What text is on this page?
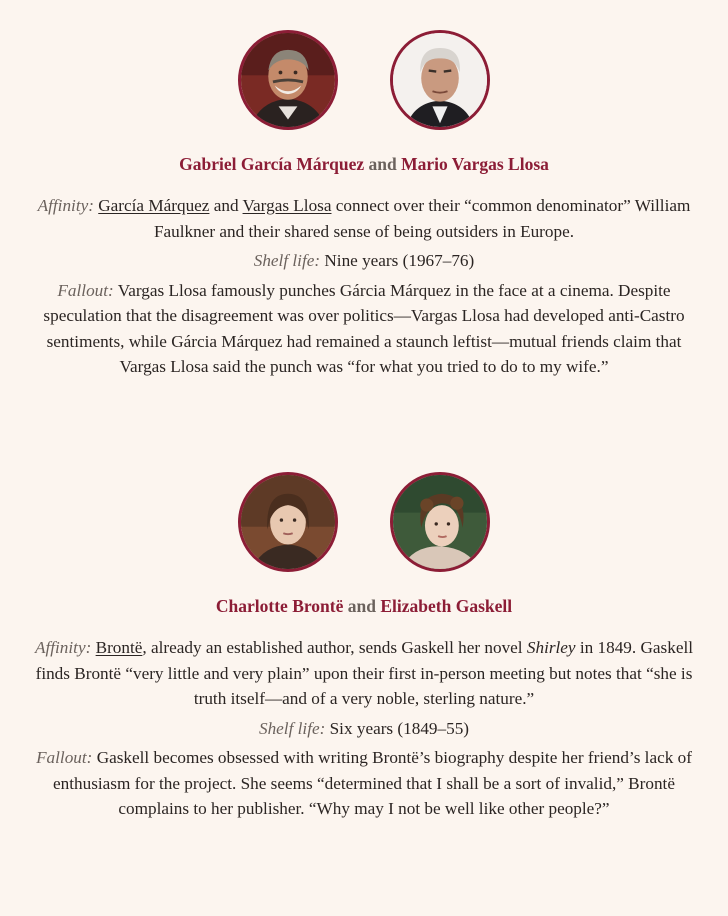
Gabriel García Márquez and Mario Vargas Llosa

Affinity: García Márquez and Vargas Llosa connect over their “common denominator” William Faulkner and their shared sense of being outsiders in Europe.

Shelf life: Nine years (1967–76)

Fallout: Vargas Llosa famously punches Gárcia Márquez in the face at a cinema. Despite speculation that the disagreement was over politics—Vargas Llosa had developed anti-Castro sentiments, while Gárcia Márquez had remained a staunch leftist—mutual friends claim that Vargas Llosa said the punch was “for what you tried to do to my wife.”

Charlotte Brontë and Elizabeth Gaskell

Affinity: Brontë, already an established author, sends Gaskell her novel Shirley in 1849. Gaskell finds Brontë “very little and very plain” upon their first in-person meeting but notes that “she is truth itself—and of a very noble, sterling nature.”

Shelf life: Six years (1849–55)

Fallout: Gaskell becomes obsessed with writing Brontë’s biography despite her friend’s lack of enthusiasm for the project. She seems “determined that I shall be a sort of invalid,” Brontë complains to her publisher. “Why may I not be well like other people?”
